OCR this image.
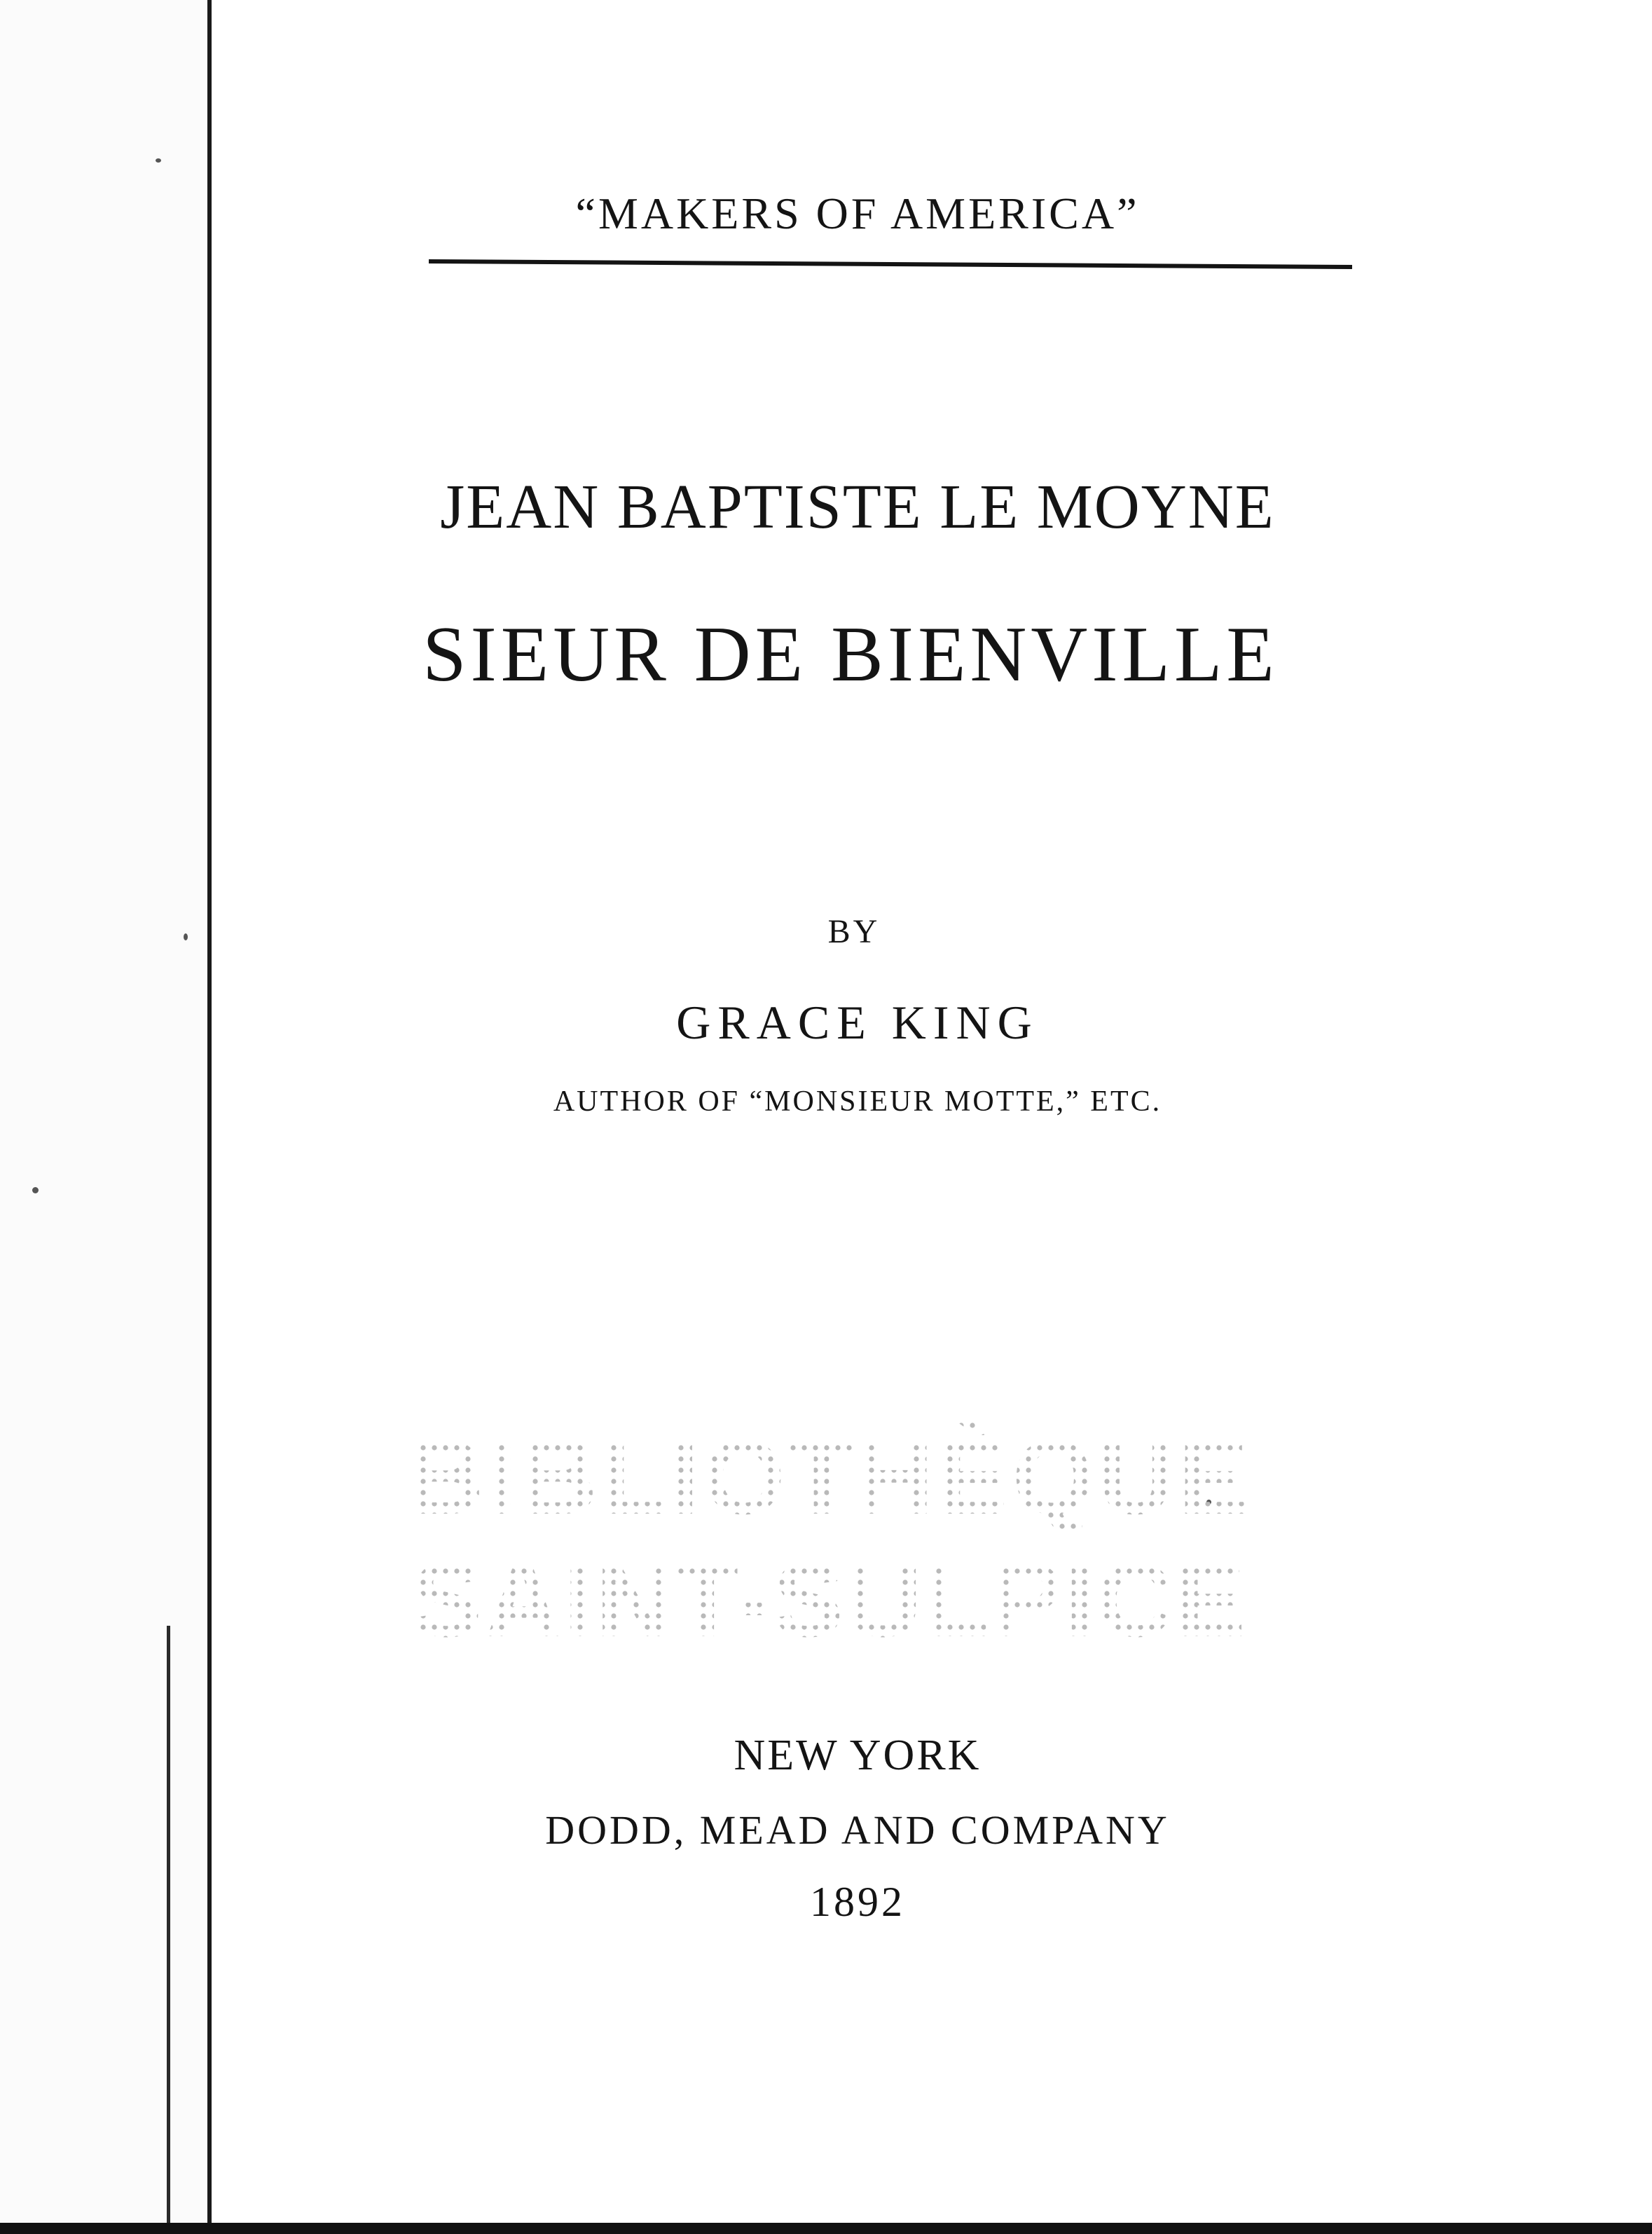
“MAKERS OF AMERICA”
JEAN BAPTISTE LE MOYNE
SIEUR DE BIENVILLE
BY
GRACE KING
AUTHOR OF “MONSIEUR MOTTE,” ETC.
BIBLIOTHÈQUE
SAINT-SULPICE
NEW YORK
DODD, MEAD AND COMPANY
1892
